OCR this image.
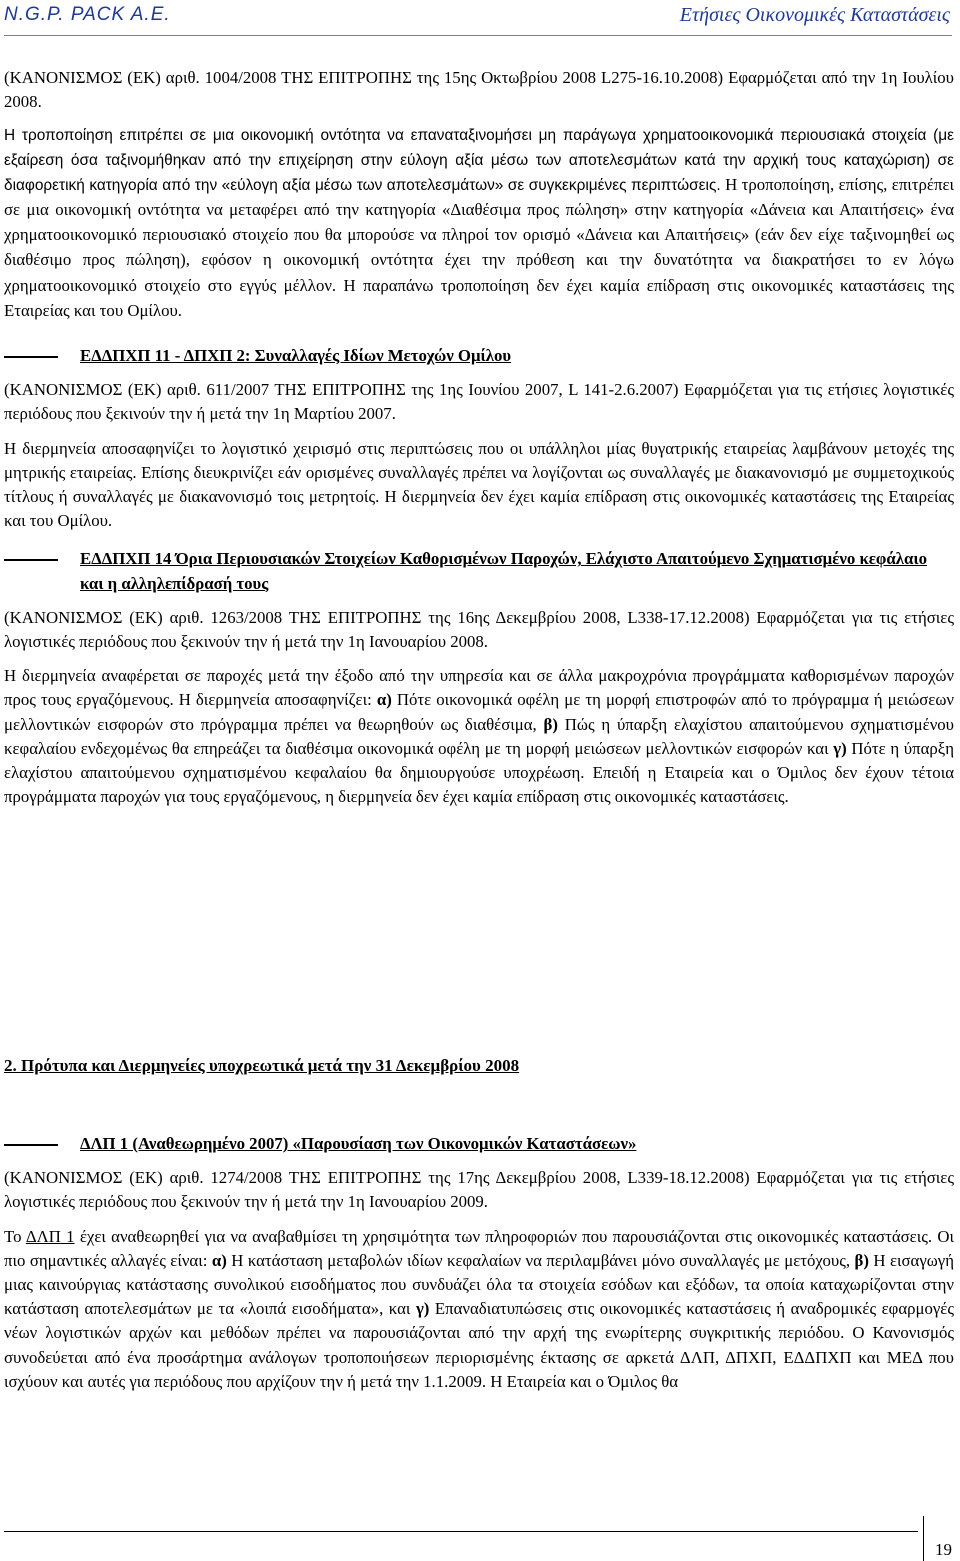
N.G.P. PACK A.E.	Ετήσιες Οικονομικές Καταστάσεις

(ΚΑΝΟΝΙΣΜΟΣ (ΕΚ) αριθ. 1004/2008 ΤΗΣ ΕΠΙΤΡΟΠΗΣ της 15ης Οκτωβρίου 2008 L275-16.10.2008) Εφαρμόζεται από την 1η Ιουλίου 2008.

Η τροποποίηση επιτρέπει σε μια οικονομική οντότητα να επαναταξινομήσει μη παράγωγα χρηματοοικονομικά περιουσιακά στοιχεία (με εξαίρεση όσα ταξινομήθηκαν από την επιχείρηση στην εύλογη αξία μέσω των αποτελεσμάτων κατά την αρχική τους καταχώριση) σε διαφορετική κατηγορία από την «εύλογη αξία μέσω των αποτελεσμάτων» σε συγκεκριμένες περιπτώσεις. Η τροποποίηση, επίσης, επιτρέπει σε μια οικονομική οντότητα να μεταφέρει από την κατηγορία «Διαθέσιμα προς πώληση» στην κατηγορία «Δάνεια και Απαιτήσεις» ένα χρηματοοικονομικό περιουσιακό στοιχείο που θα μπορούσε να πληροί τον ορισμό «Δάνεια και Απαιτήσεις» (εάν δεν είχε ταξινομηθεί ως διαθέσιμο προς πώληση), εφόσον η οικονομική οντότητα έχει την πρόθεση και την δυνατότητα να διακρατήσει το εν λόγω χρηματοοικονομικό στοιχείο στο εγγύς μέλλον. Η παραπάνω τροποποίηση δεν έχει καμία επίδραση στις οικονομικές καταστάσεις της Εταιρείας και του Ομίλου.

ΕΔΔΠΧΠ 11 - ΔΠΧΠ 2: Συναλλαγές Ιδίων Μετοχών Ομίλου

(ΚΑΝΟΝΙΣΜΟΣ (ΕΚ) αριθ. 611/2007 ΤΗΣ ΕΠΙΤΡΟΠΗΣ της 1ης Ιουνίου 2007, L 141-2.6.2007) Εφαρμόζεται για τις ετήσιες λογιστικές περιόδους που ξεκινούν την ή μετά την 1η Μαρτίου 2007.

Η διερμηνεία αποσαφηνίζει το λογιστικό χειρισμό στις περιπτώσεις που οι υπάλληλοι μίας θυγατρικής εταιρείας λαμβάνουν μετοχές της μητρικής εταιρείας. Επίσης διευκρινίζει εάν ορισμένες συναλλαγές πρέπει να λογίζονται ως συναλλαγές με διακανονισμό με συμμετοχικούς τίτλους ή συναλλαγές με διακανονισμό τοις μετρητοίς. Η διερμηνεία δεν έχει καμία επίδραση στις οικονομικές καταστάσεις της Εταιρείας και του Ομίλου.

ΕΔΔΠΧΠ 14 Όρια Περιουσιακών Στοιχείων Καθορισμένων Παροχών, Ελάχιστο Απαιτούμενο Σχηματισμένο κεφάλαιο και η αλληλεπίδρασή τους

(ΚΑΝΟΝΙΣΜΟΣ (ΕΚ) αριθ. 1263/2008 ΤΗΣ ΕΠΙΤΡΟΠΗΣ της 16ης Δεκεμβρίου 2008, L338-17.12.2008) Εφαρμόζεται για τις ετήσιες λογιστικές περιόδους που ξεκινούν την ή μετά την 1η Ιανουαρίου 2008.

Η διερμηνεία αναφέρεται σε παροχές μετά την έξοδο από την υπηρεσία και σε άλλα μακροχρόνια προγράμματα καθορισμένων παροχών προς τους εργαζόμενους. Η διερμηνεία αποσαφηνίζει: α) Πότε οικονομικά οφέλη με τη μορφή επιστροφών από το πρόγραμμα ή μειώσεων μελλοντικών εισφορών στο πρόγραμμα πρέπει να θεωρηθούν ως διαθέσιμα, β) Πώς η ύπαρξη ελαχίστου απαιτούμενου σχηματισμένου κεφαλαίου ενδεχομένως θα επηρεάζει τα διαθέσιμα οικονομικά οφέλη με τη μορφή μειώσεων μελλοντικών εισφορών και γ) Πότε η ύπαρξη ελαχίστου απαιτούμενου σχηματισμένου κεφαλαίου θα δημιουργούσε υποχρέωση. Επειδή η Εταιρεία και ο Όμιλος δεν έχουν τέτοια προγράμματα παροχών για τους εργαζόμενους, η διερμηνεία δεν έχει καμία επίδραση στις οικονομικές καταστάσεις.

2. Πρότυπα και Διερμηνείες υποχρεωτικά μετά την 31 Δεκεμβρίου 2008
ΔΛΠ 1 (Αναθεωρημένο 2007) «Παρουσίαση των Οικονομικών Καταστάσεων»

(ΚΑΝΟΝΙΣΜΟΣ (ΕΚ) αριθ. 1274/2008 ΤΗΣ ΕΠΙΤΡΟΠΗΣ της 17ης Δεκεμβρίου 2008, L339-18.12.2008) Εφαρμόζεται για τις ετήσιες λογιστικές περιόδους που ξεκινούν την ή μετά την 1η Ιανουαρίου 2009.

Το ΔΛΠ 1 έχει αναθεωρηθεί για να αναβαθμίσει τη χρησιμότητα των πληροφοριών που παρουσιάζονται στις οικονομικές καταστάσεις. Οι πιο σημαντικές αλλαγές είναι: α) Η κατάσταση μεταβολών ιδίων κεφαλαίων να περιλαμβάνει μόνο συναλλαγές με μετόχους, β) Η εισαγωγή μιας καινούργιας κατάστασης συνολικού εισοδήματος που συνδυάζει όλα τα στοιχεία εσόδων και εξόδων, τα οποία καταχωρίζονται στην κατάσταση αποτελεσμάτων με τα «λοιπά εισοδήματα», και γ) Επαναδιατυπώσεις στις οικονομικές καταστάσεις ή αναδρομικές εφαρμογές νέων λογιστικών αρχών και μεθόδων πρέπει να παρουσιάζονται από την αρχή της ενωρίτερης συγκριτικής περιόδου. Ο Κανονισμός συνοδεύεται από ένα προσάρτημα ανάλογων τροποποιήσεων περιορισμένης έκτασης σε αρκετά ΔΛΠ, ΔΠΧΠ, ΕΔΔΠΧΠ και ΜΕΔ που ισχύουν και αυτές για περιόδους που αρχίζουν την ή μετά την 1.1.2009. Η Εταιρεία και ο Όμιλος θα

19
